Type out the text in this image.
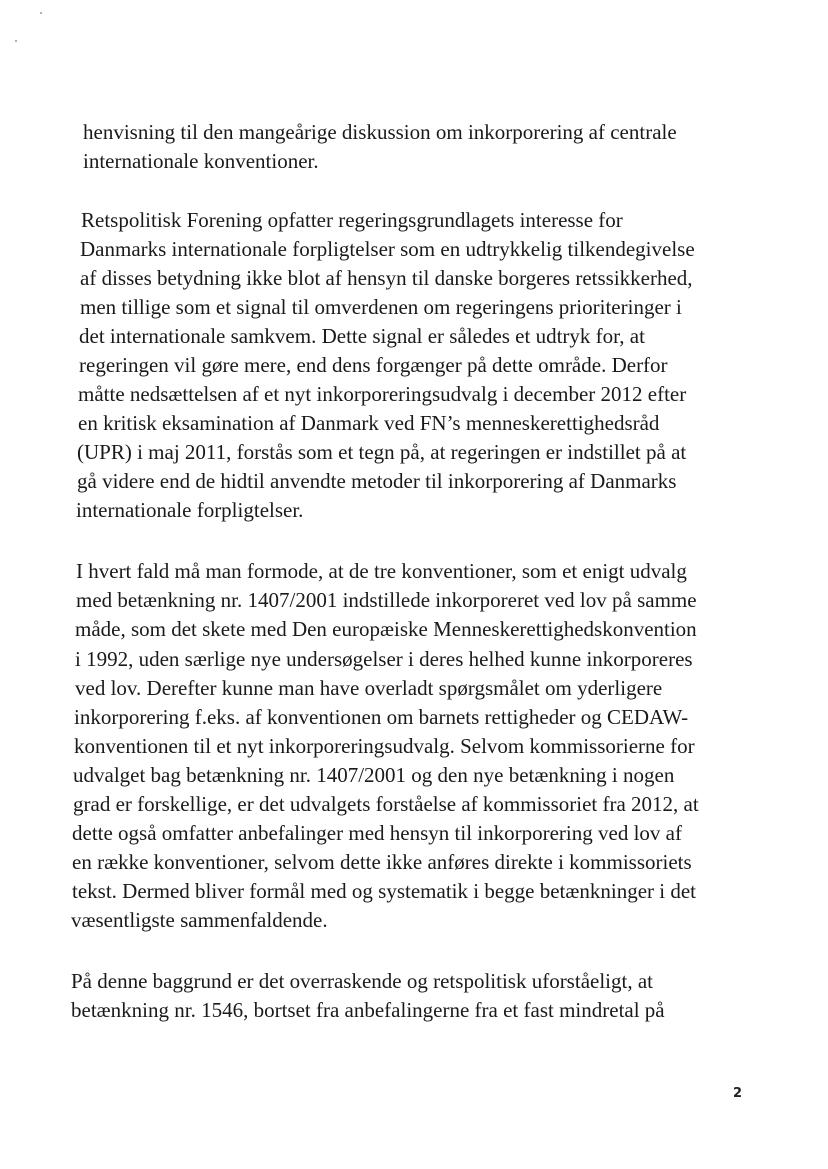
henvisning til den mangeårige diskussion om inkorporering af centrale
internationale konventioner.
Retspolitisk Forening opfatter regeringsgrundlagets interesse for
Danmarks internationale forpligtelser som en udtrykkelig tilkendegivelse
af disses betydning ikke blot af hensyn til danske borgeres retssikkerhed,
men tillige som et signal til omverdenen om regeringens prioriteringer i
det internationale samkvem. Dette signal er således et udtryk for, at
regeringen vil gøre mere, end dens forgænger på dette område. Derfor
måtte nedsættelsen af et nyt inkorporeringsudvalg i december 2012 efter
en kritisk eksamination af Danmark ved FN’s menneskerettighedsråd
(UPR) i maj 2011, forstås som et tegn på, at regeringen er indstillet på at
gå videre end de hidtil anvendte metoder til inkorporering af Danmarks
internationale forpligtelser.
I hvert fald må man formode, at de tre konventioner, som et enigt udvalg
med betænkning nr. 1407/2001 indstillede inkorporeret ved lov på samme
måde, som det skete med Den europæiske Menneskerettighedskonvention
i 1992, uden særlige nye undersøgelser i deres helhed kunne inkorporeres
ved lov. Derefter kunne man have overladt spørgsmålet om yderligere
inkorporering f.eks. af konventionen om barnets rettigheder og CEDAW-
konventionen til et nyt inkorporeringsudvalg. Selvom kommissorierne for
udvalget bag betænkning nr. 1407/2001 og den nye betænkning i nogen
grad er forskellige, er det udvalgets forståelse af kommissoriet fra 2012, at
dette også omfatter anbefalinger med hensyn til inkorporering ved lov af
en række konventioner, selvom dette ikke anføres direkte i kommissoriets
tekst. Dermed bliver formål med og systematik i begge betænkninger i det
væsentligste sammenfaldende.
På denne baggrund er det overraskende og retspolitisk uforståeligt, at
betænkning nr. 1546, bortset fra anbefalingerne fra et fast mindretal på
2
